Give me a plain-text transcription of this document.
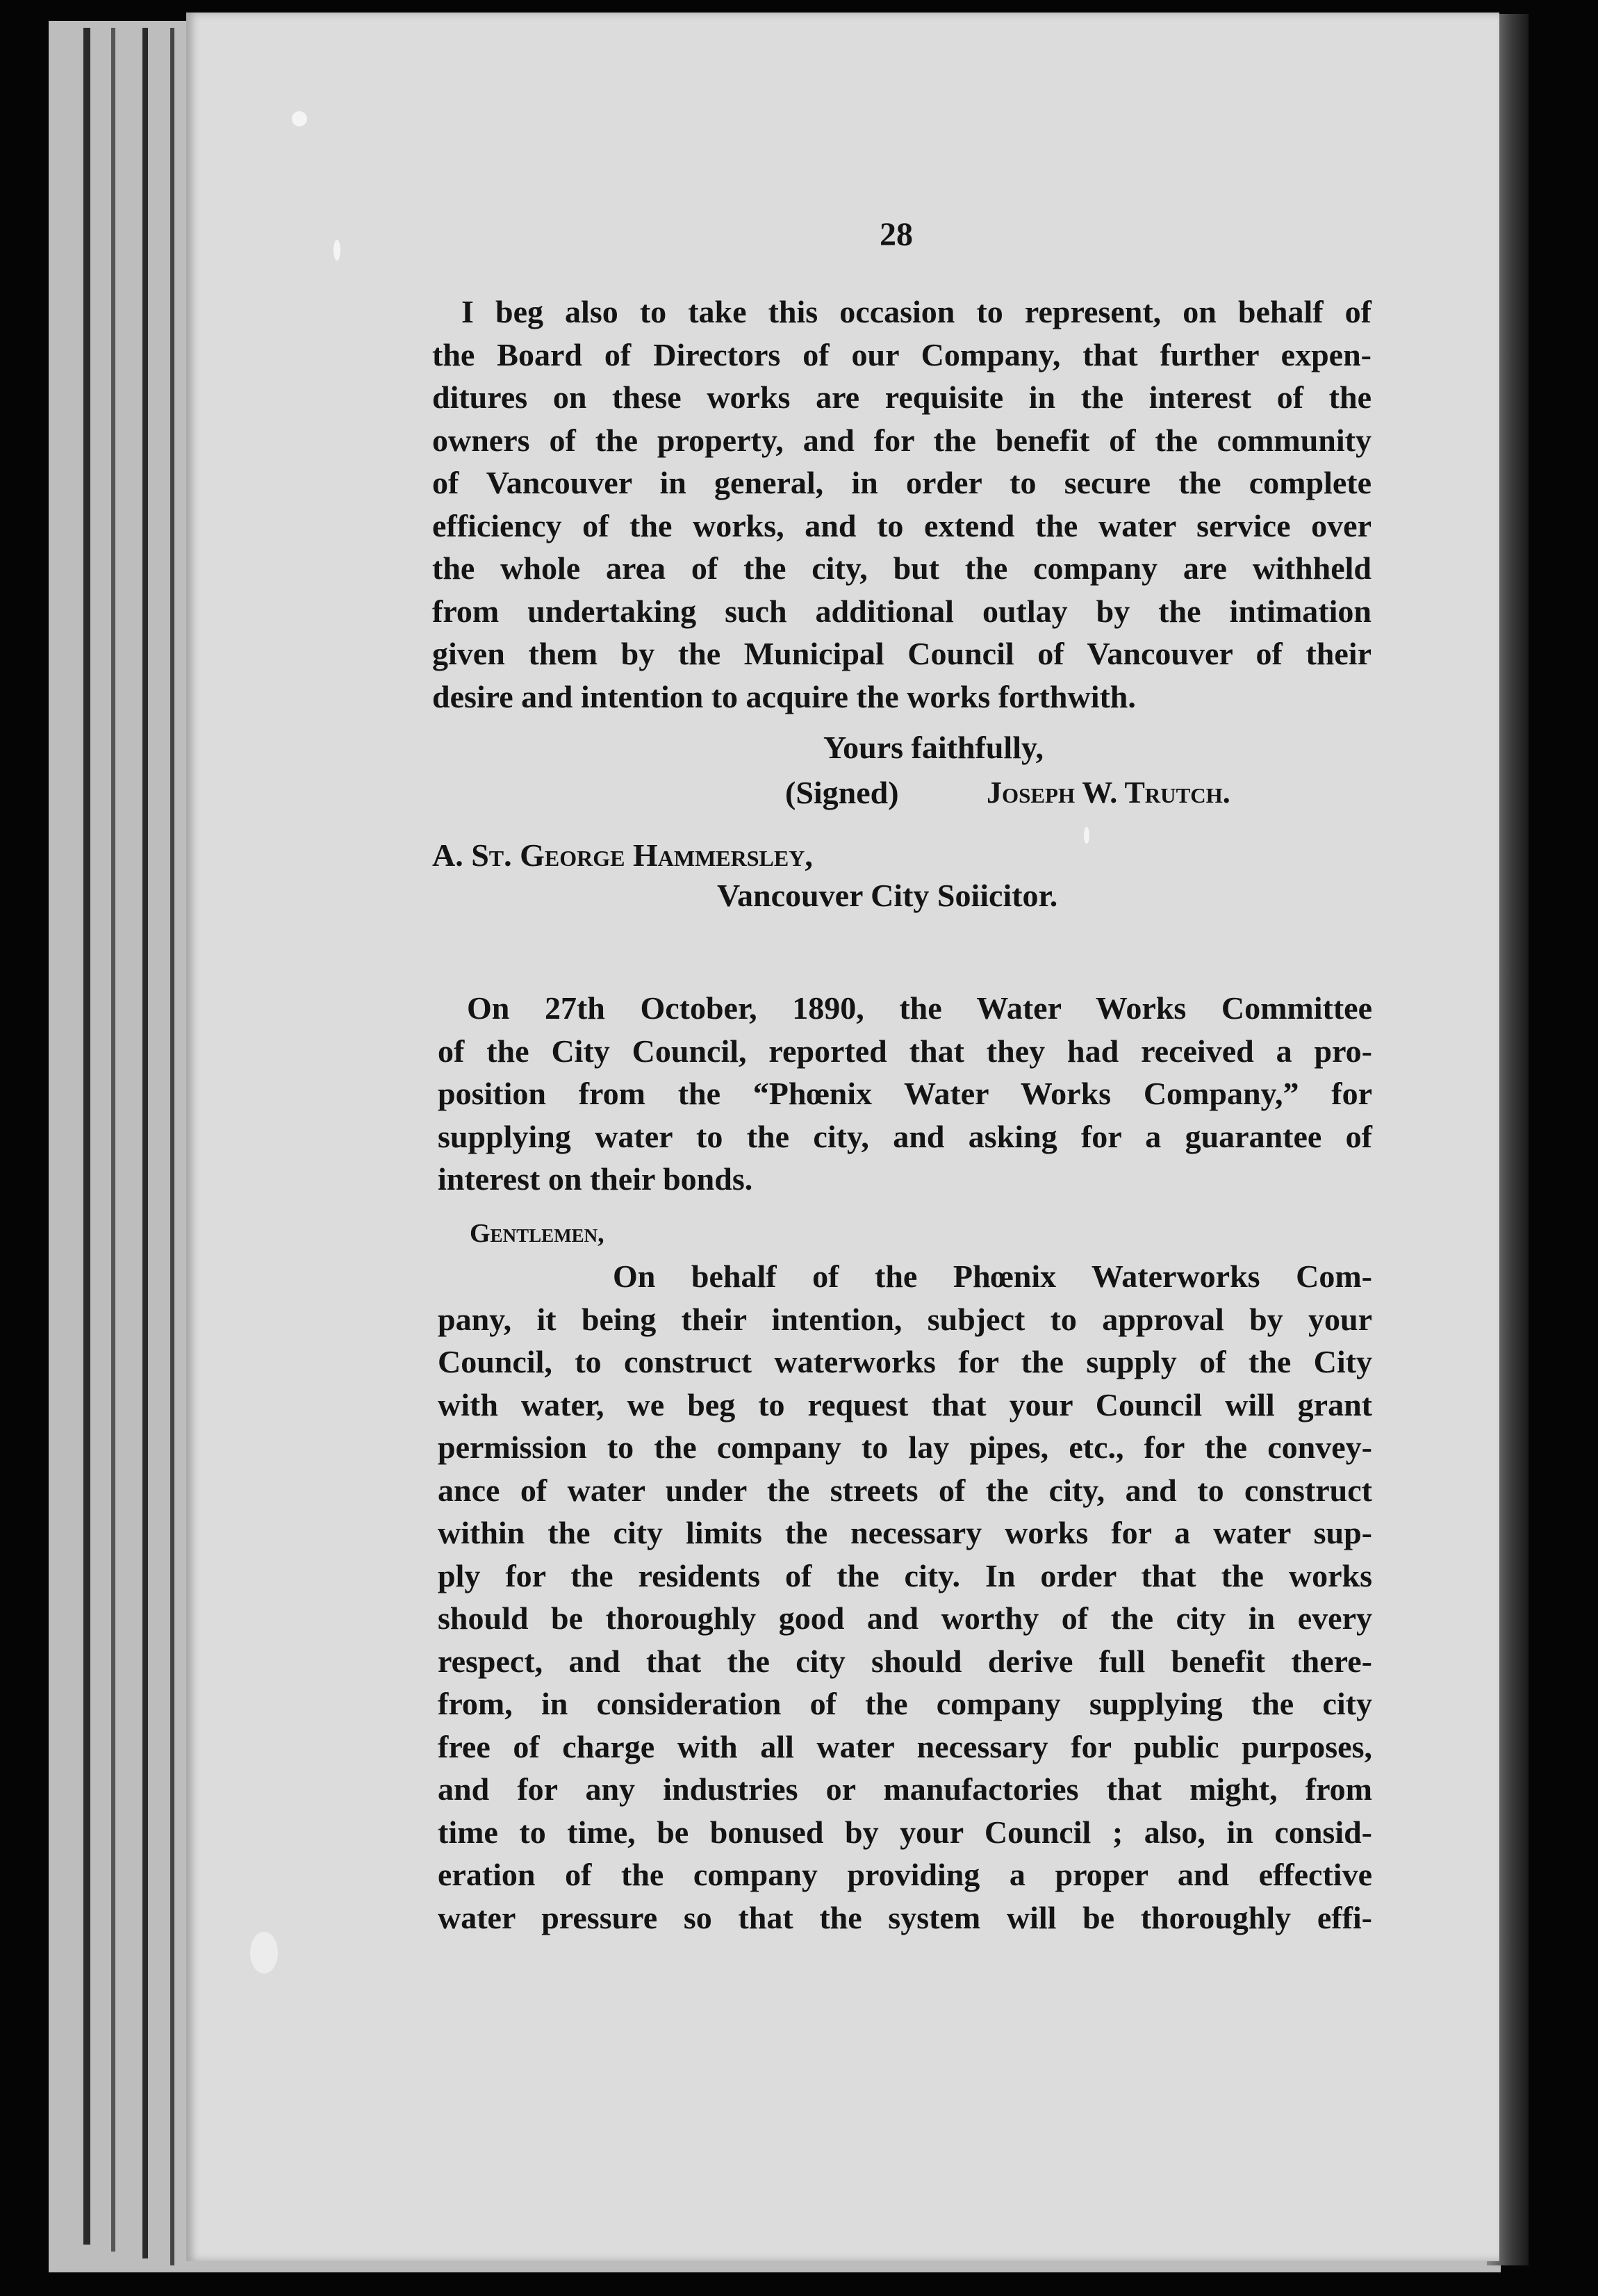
28
I beg also to take this occasion to represent, on behalf of
the Board of Directors of our Company, that further expen-
ditures on these works are requisite in the interest of the
owners of the property, and for the benefit of the community
of Vancouver in general, in order to secure the complete
efficiency of the works, and to extend the water service over
the whole area of the city, but the company are withheld
from undertaking such additional outlay by the intimation
given them by the Municipal Council of Vancouver of their
desire and intention to acquire the works forthwith.
Yours faithfully,
(Signed)	Joseph W. Trutch.
A. St. George Hammersley,
Vancouver City Soiicitor.
On 27th October, 1890, the Water Works Committee
of the City Council, reported that they had received a pro-
position from the “Phœnix Water Works Company,” for
supplying water to the city, and asking for a guarantee of
interest on their bonds.
Gentlemen,
On behalf of the Phœnix Waterworks Com-
pany, it being their intention, subject to approval by your
Council, to construct waterworks for the supply of the City
with water, we beg to request that your Council will grant
permission to the company to lay pipes, etc., for the convey-
ance of water under the streets of the city, and to construct
within the city limits the necessary works for a water sup-
ply for the residents of the city. In order that the works
should be thoroughly good and worthy of the city in every
respect, and that the city should derive full benefit there-
from, in consideration of the company supplying the city
free of charge with all water necessary for public purposes,
and for any industries or manufactories that might, from
time to time, be bonused by your Council ; also, in consid-
eration of the company providing a proper and effective
water pressure so that the system will be thoroughly effi-
